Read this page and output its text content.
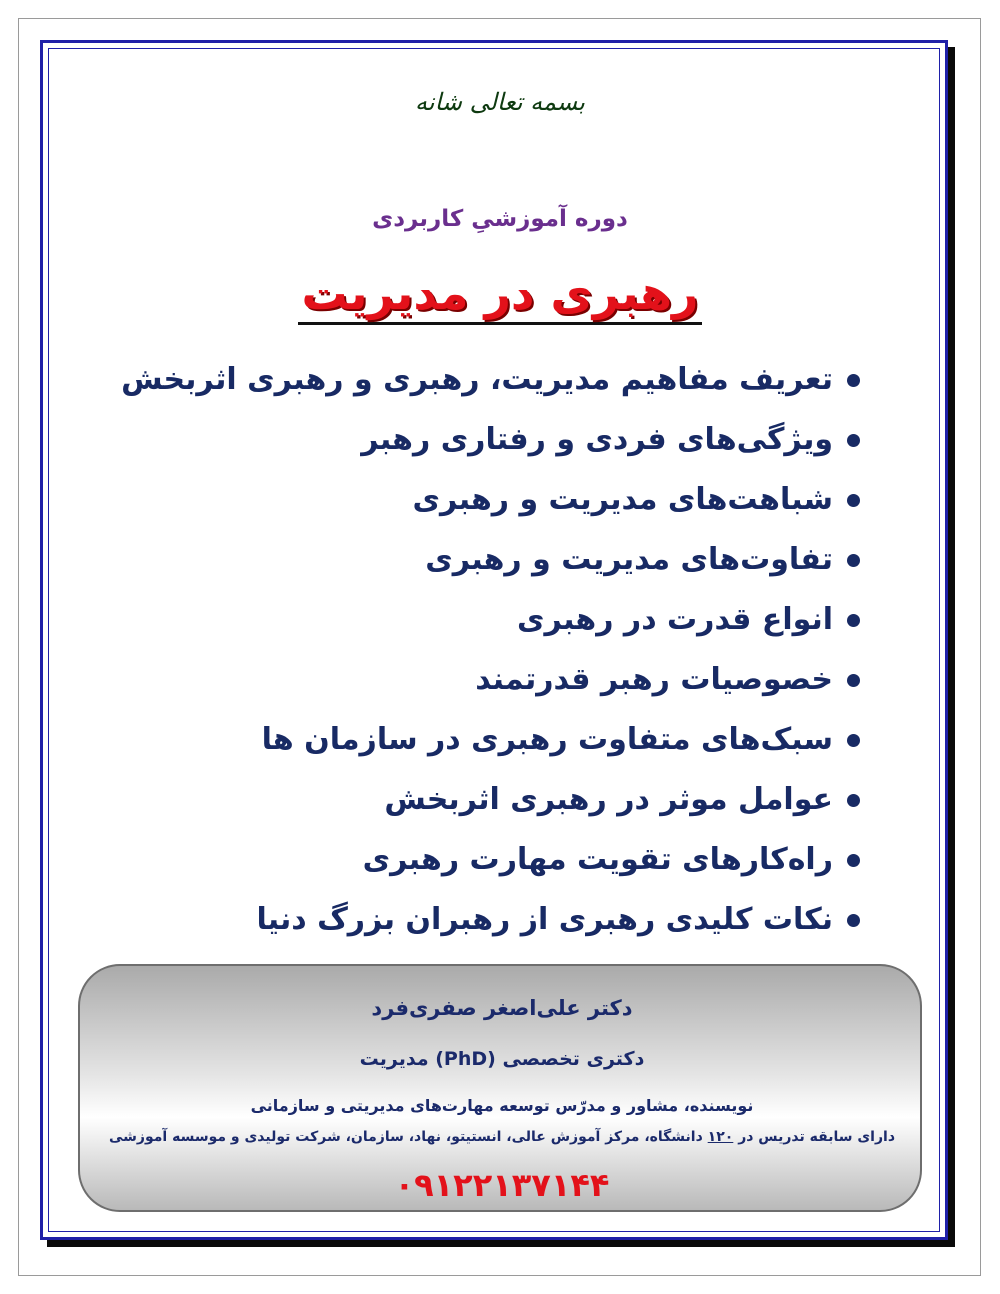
بسمه تعالی شانه
دوره آموزشیِ کاربردی
رهبری در مدیریت
تعریف مفاهیم مدیریت، رهبری و رهبری اثربخش
ویژگی‌های فردی و رفتاری رهبر
شباهت‌های مدیریت و رهبری
تفاوت‌های مدیریت و رهبری
انواع قدرت در رهبری
خصوصیات رهبر قدرتمند
سبک‌های متفاوت رهبری در سازمان ها
عوامل موثر در رهبری اثربخش
راه‌کارهای تقویت مهارت رهبری
نکات کلیدی رهبری از رهبران بزرگ دنیا
دکتر علی‌اصغر صفری‌فرد
دکتری تخصصی (PhD) مدیریت
نویسنده، مشاور و مدرّس توسعه مهارت‌های مدیریتی و سازمانی
دارای سابقه تدریس در ۱۲۰ دانشگاه، مرکز آموزش عالی، انستیتو، نهاد، سازمان، شرکت تولیدی و موسسه آموزشی
۰۹۱۲۲۱۳۷۱۴۴
